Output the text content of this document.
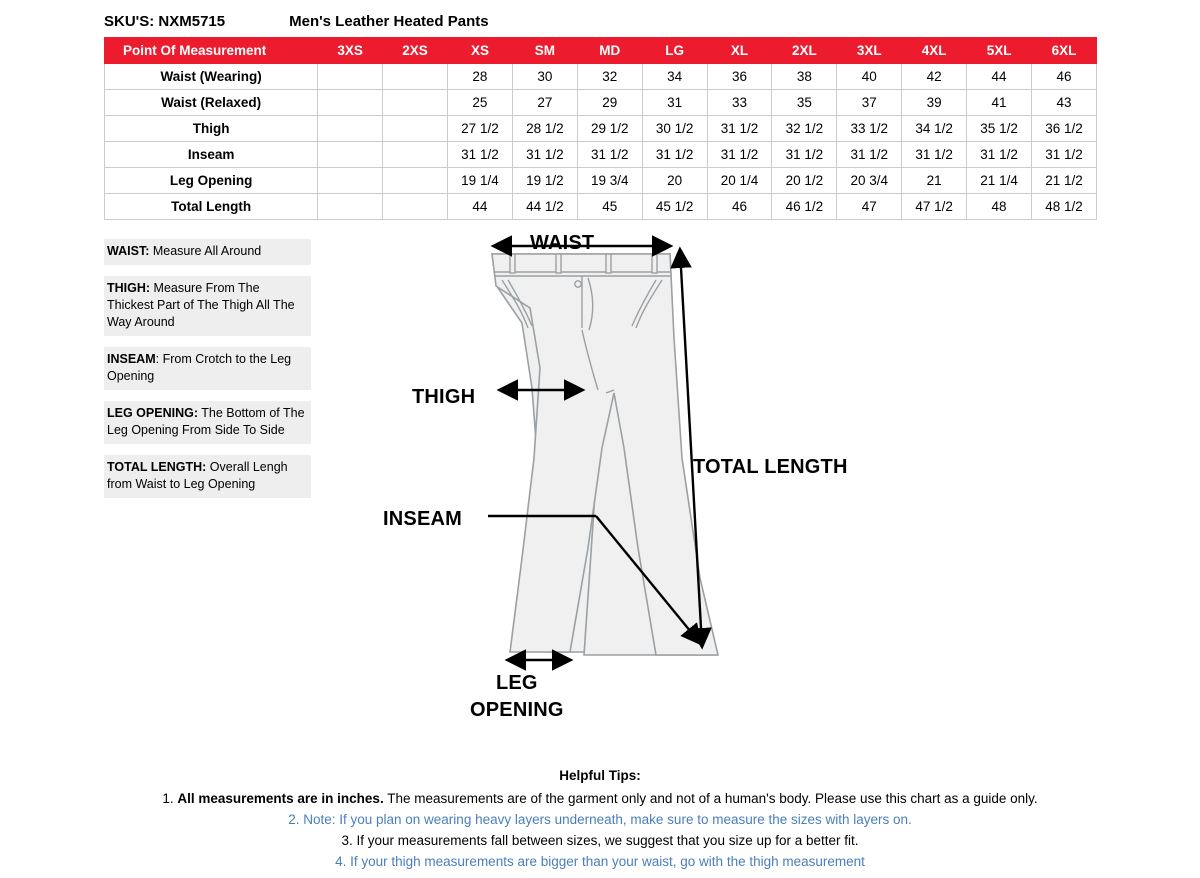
SKU'S: NXM5715	Men's Leather Heated Pants
Point Of Measurement	3XS	2XS	XS	SM	MD	LG	XL	2XL	3XL	4XL	5XL	6XL
Waist (Wearing)			28	30	32	34	36	38	40	42	44	46
Waist (Relaxed)			25	27	29	31	33	35	37	39	41	43
Thigh			27 1/2	28 1/2	29 1/2	30 1/2	31 1/2	32 1/2	33 1/2	34 1/2	35 1/2	36 1/2
Inseam			31 1/2	31 1/2	31 1/2	31 1/2	31 1/2	31 1/2	31 1/2	31 1/2	31 1/2	31 1/2
Leg Opening			19 1/4	19 1/2	19 3/4	20	20 1/4	20 1/2	20 3/4	21	21 1/4	21 1/2
Total Length			44	44 1/2	45	45 1/2	46	46 1/2	47	47 1/2	48	48 1/2
WAIST: Measure All Around
THIGH: Measure From The Thickest Part of The Thigh All The Way Around
INSEAM: From Crotch to the Leg Opening
LEG OPENING: The Bottom of The Leg Opening From Side To Side
TOTAL LENGTH: Overall Lengh from Waist to Leg Opening
WAIST
THIGH
TOTAL LENGTH
INSEAM
LEG
OPENING
Helpful Tips:

1. All measurements are in inches. The measurements are of the garment only and not of a human's body. Please use this chart as a guide only.

2. Note: If you plan on wearing heavy layers underneath, make sure to measure the sizes with layers on.

3. If your measurements fall between sizes, we suggest that you size up for a better fit.

4. If your thigh measurements are bigger than your waist, go with the thigh measurement
